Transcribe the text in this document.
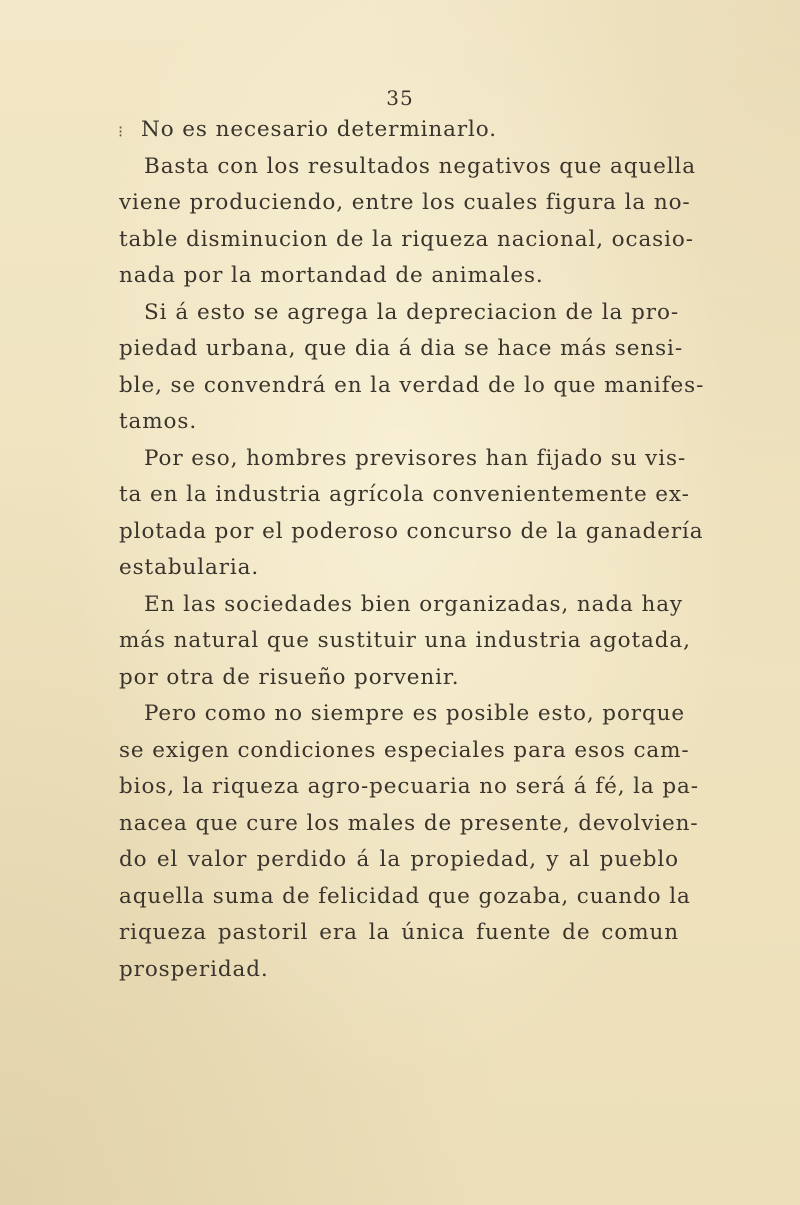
35
⁝ No es necesario determinarlo.
Basta con los resultados negativos que aquella
viene produciendo, entre los cuales figura la no-
table disminucion de la riqueza nacional, ocasio-
nada por la mortandad de animales.
Si á esto se agrega la depreciacion de la pro-
piedad urbana, que dia á dia se hace más sensi-
ble, se convendrá en la verdad de lo que manifes-
tamos.
Por eso, hombres previsores han fijado su vis-
ta en la industria agrícola convenientemente ex-
plotada por el poderoso concurso de la ganadería
estabularia.
En las sociedades bien organizadas, nada hay
más natural que sustituir una industria agotada,
por otra de risueño porvenir.
Pero como no siempre es posible esto, porque
se exigen condiciones especiales para esos cam-
bios, la riqueza agro-pecuaria no será á fé, la pa-
nacea que cure los males de presente, devolvien-
do el valor perdido á la propiedad, y al pueblo
aquella suma de felicidad que gozaba, cuando la
riqueza pastoril era la única fuente de comun
prosperidad.
